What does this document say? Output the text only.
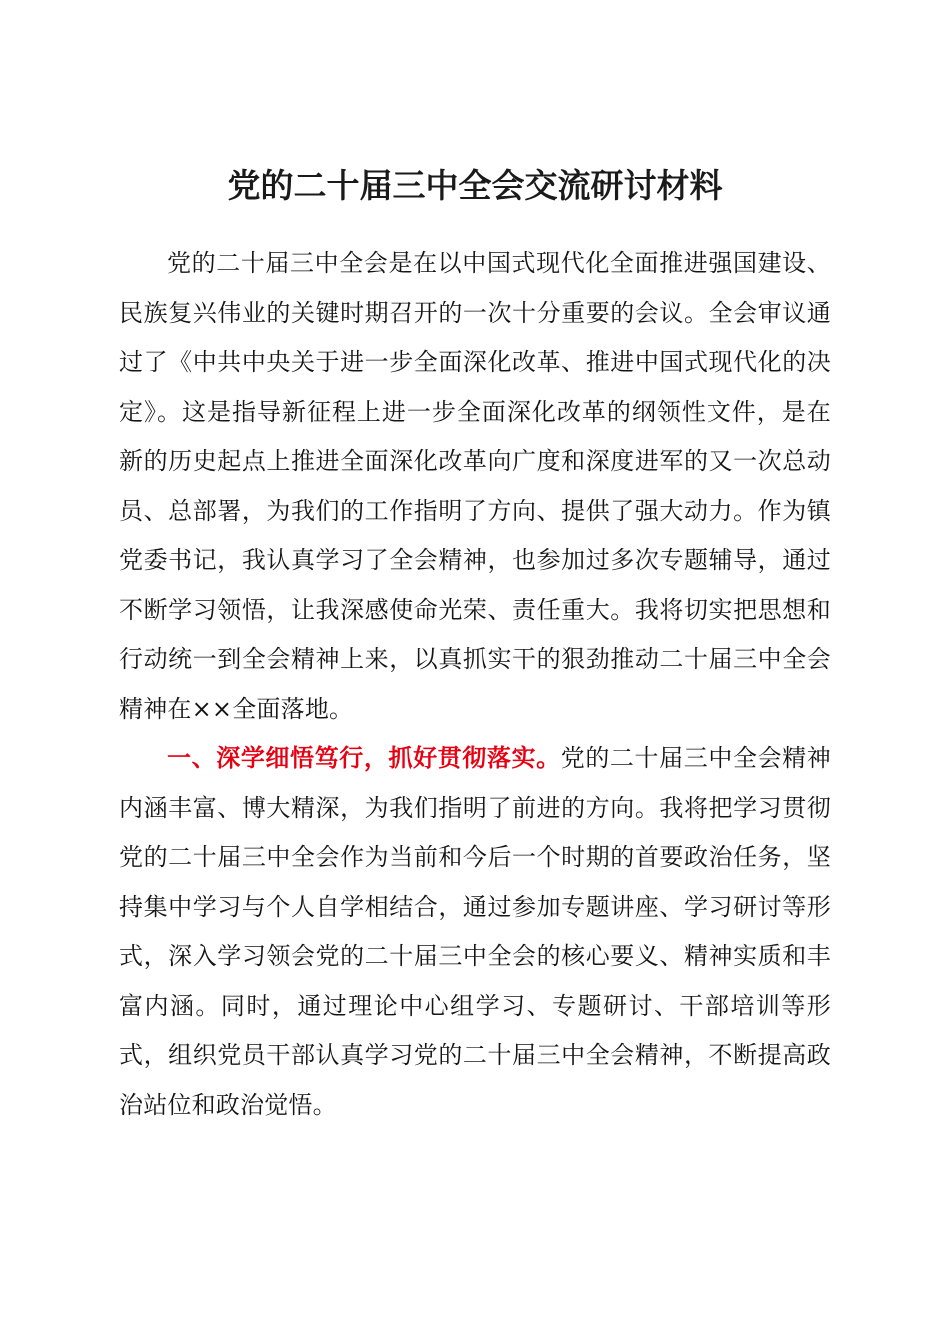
党的二十届三中全会交流研讨材料

党的二十届三中全会是在以中国式现代化全面推进强国建设、民族复兴伟业的关键时期召开的一次十分重要的会议。全会审议通过了《中共中央关于进一步全面深化改革、推进中国式现代化的决定》。这是指导新征程上进一步全面深化改革的纲领性文件，是在新的历史起点上推进全面深化改革向广度和深度进军的又一次总动员、总部署，为我们的工作指明了方向、提供了强大动力。作为镇党委书记，我认真学习了全会精神，也参加过多次专题辅导，通过不断学习领悟，让我深感使命光荣、责任重大。我将切实把思想和行动统一到全会精神上来，以真抓实干的狠劲推动二十届三中全会精神在××全面落地。

一、深学细悟笃行，抓好贯彻落实。党的二十届三中全会精神内涵丰富、博大精深，为我们指明了前进的方向。我将把学习贯彻党的二十届三中全会作为当前和今后一个时期的首要政治任务，坚持集中学习与个人自学相结合，通过参加专题讲座、学习研讨等形式，深入学习领会党的二十届三中全会的核心要义、精神实质和丰富内涵。同时，通过理论中心组学习、专题研讨、干部培训等形式，组织党员干部认真学习党的二十届三中全会精神，不断提高政治站位和政治觉悟。
